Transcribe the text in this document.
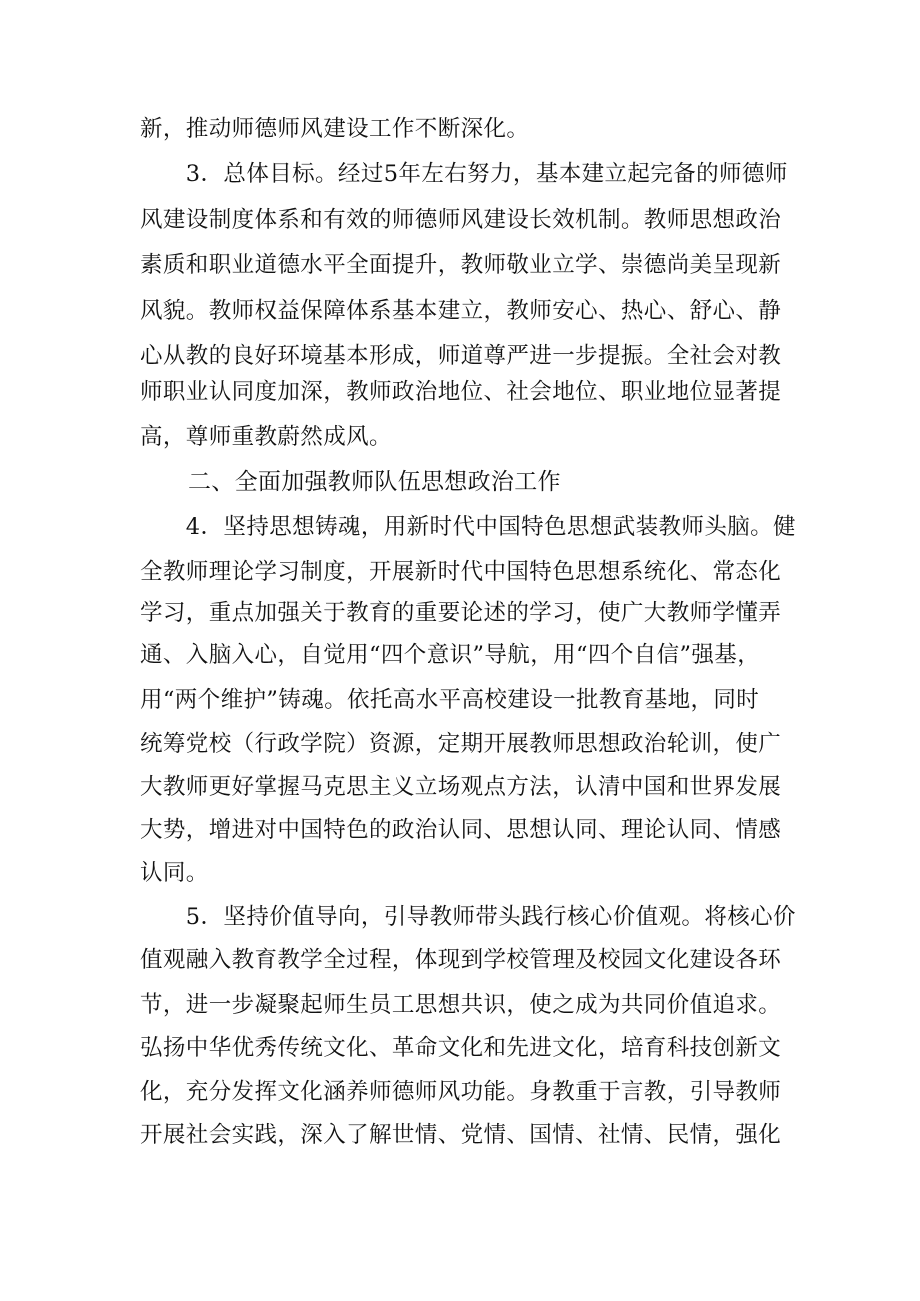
新，推动师德师风建设工作不断深化。
　　3．总体目标。经过5年左右努力，基本建立起完备的师德师
风建设制度体系和有效的师德师风建设长效机制。教师思想政治
素质和职业道德水平全面提升，教师敬业立学、崇德尚美呈现新
风貌。教师权益保障体系基本建立，教师安心、热心、舒心、静
心从教的良好环境基本形成，师道尊严进一步提振。全社会对教
师职业认同度加深，教师政治地位、社会地位、职业地位显著提
高，尊师重教蔚然成风。
二、全面加强教师队伍思想政治工作
　　4．坚持思想铸魂，用新时代中国特色思想武装教师头脑。健
全教师理论学习制度，开展新时代中国特色思想系统化、常态化
学习，重点加强关于教育的重要论述的学习，使广大教师学懂弄
通、入脑入心，自觉用“四个意识”导航，用“四个自信”强基，
用“两个维护”铸魂。依托高水平高校建设一批教育基地，同时
统筹党校（行政学院）资源，定期开展教师思想政治轮训，使广
大教师更好掌握马克思主义立场观点方法，认清中国和世界发展
大势，增进对中国特色的政治认同、思想认同、理论认同、情感
认同。
　　5．坚持价值导向，引导教师带头践行核心价值观。将核心价
值观融入教育教学全过程，体现到学校管理及校园文化建设各环
节，进一步凝聚起师生员工思想共识，使之成为共同价值追求。
弘扬中华优秀传统文化、革命文化和先进文化，培育科技创新文
化，充分发挥文化涵养师德师风功能。身教重于言教，引导教师
开展社会实践，深入了解世情、党情、国情、社情、民情，强化
